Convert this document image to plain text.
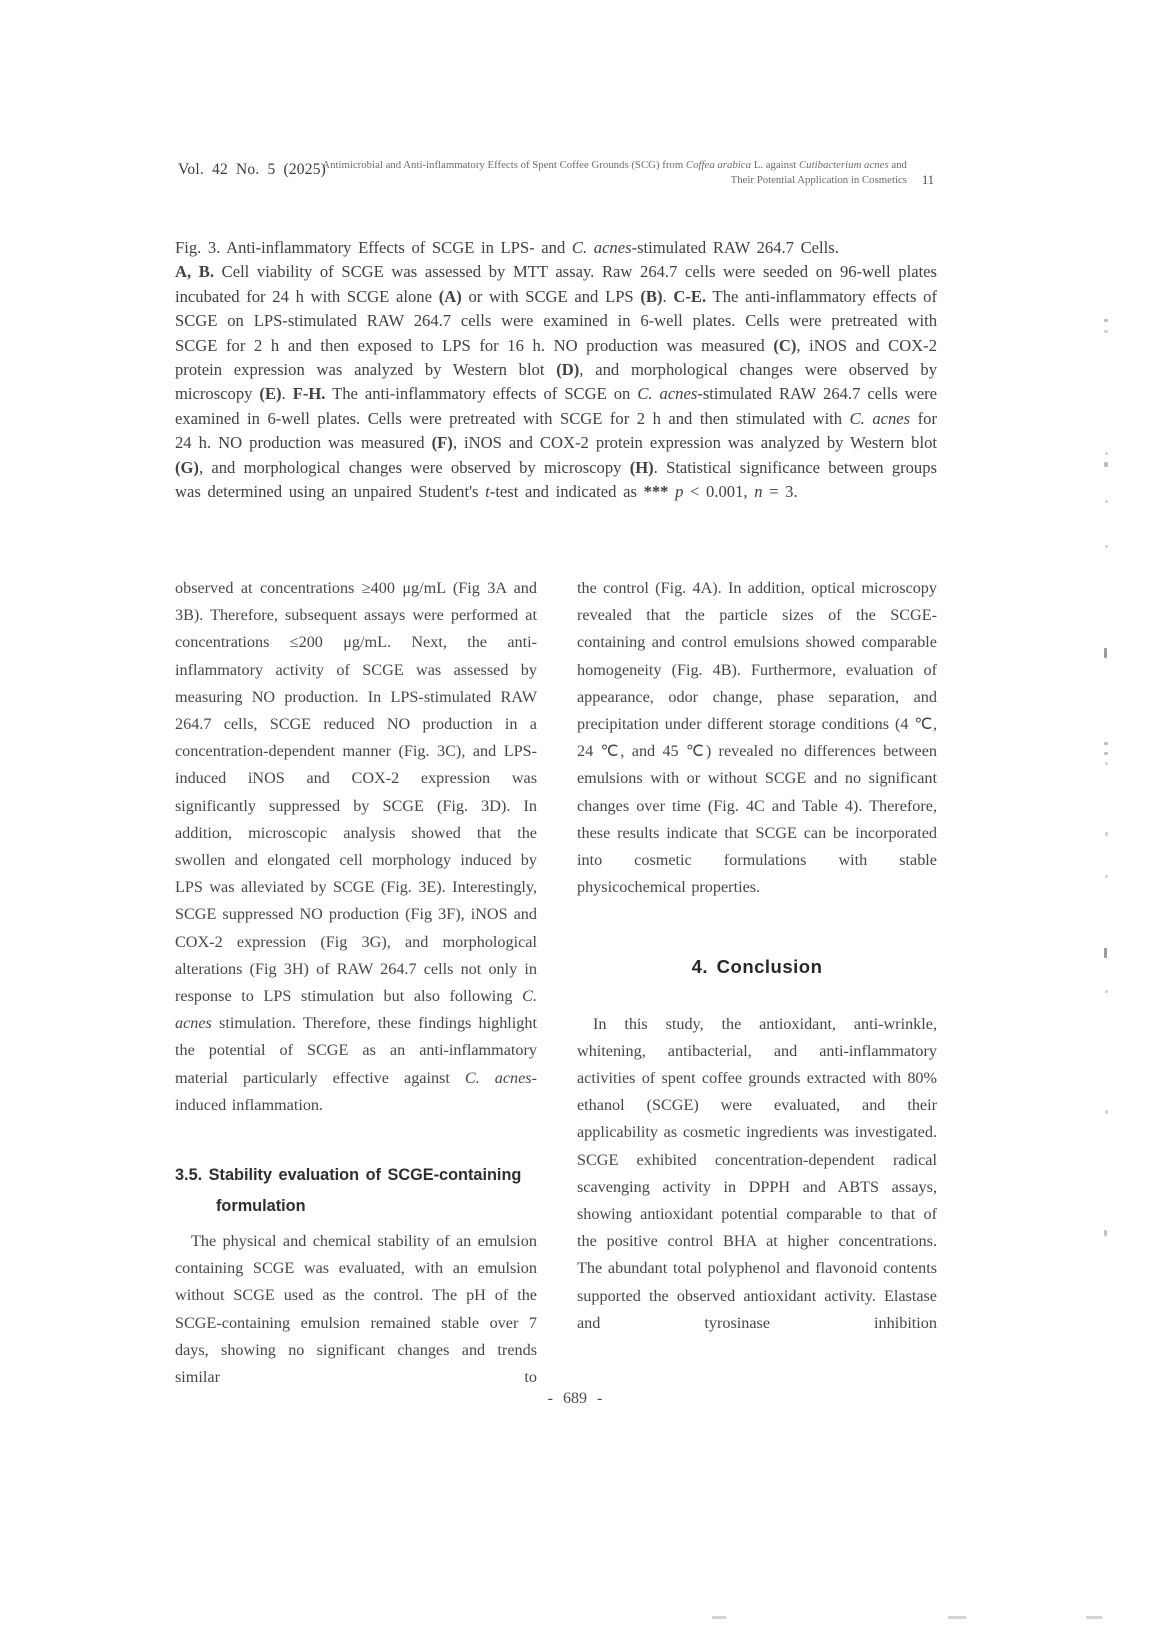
Vol. 42 No. 5 (2025)
Antimicrobial and Anti-inflammatory Effects of Spent Coffee Grounds (SCG) from Coffea arabica L. against Cutibacterium acnes and
Their Potential Application in Cosmetics 11

Fig. 3. Anti-inflammatory Effects of SCGE in LPS- and C. acnes-stimulated RAW 264.7 Cells.

A, B. Cell viability of SCGE was assessed by MTT assay. Raw 264.7 cells were seeded on 96-well plates incubated for 24 h with SCGE alone (A) or with SCGE and LPS (B). C-E. The anti-inflammatory effects of SCGE on LPS-stimulated RAW 264.7 cells were examined in 6-well plates. Cells were pretreated with SCGE for 2 h and then exposed to LPS for 16 h. NO production was measured (C), iNOS and COX-2 protein expression was analyzed by Western blot (D), and morphological changes were observed by microscopy (E). F-H. The anti-inflammatory effects of SCGE on C. acnes-stimulated RAW 264.7 cells were examined in 6-well plates. Cells were pretreated with SCGE for 2 h and then stimulated with C. acnes for 24 h. NO production was measured (F), iNOS and COX-2 protein expression was analyzed by Western blot (G), and morphological changes were observed by microscopy (H). Statistical significance between groups was determined using an unpaired Student's t-test and indicated as *** p < 0.001, n = 3.

observed at concentrations ≥400 μg/mL (Fig 3A and 3B). Therefore, subsequent assays were performed at concentrations ≤200 μg/mL. Next, the anti-inflammatory activity of SCGE was assessed by measuring NO production. In LPS-stimulated RAW 264.7 cells, SCGE reduced NO production in a concentration-dependent manner (Fig. 3C), and LPS-induced iNOS and COX-2 expression was significantly suppressed by SCGE (Fig. 3D). In addition, microscopic analysis showed that the swollen and elongated cell morphology induced by LPS was alleviated by SCGE (Fig. 3E). Interestingly, SCGE suppressed NO production (Fig 3F), iNOS and COX-2 expression (Fig 3G), and morphological alterations (Fig 3H) of RAW 264.7 cells not only in response to LPS stimulation but also following C. acnes stimulation. Therefore, these findings highlight the potential of SCGE as an anti-inflammatory material particularly effective against C. acnes-induced inflammation.

3.5. Stability evaluation of SCGE-containing formulation

The physical and chemical stability of an emulsion containing SCGE was evaluated, with an emulsion without SCGE used as the control. The pH of the SCGE-containing emulsion remained stable over 7 days, showing no significant changes and trends similar to

the control (Fig. 4A). In addition, optical microscopy revealed that the particle sizes of the SCGE-containing and control emulsions showed comparable homogeneity (Fig. 4B). Furthermore, evaluation of appearance, odor change, phase separation, and precipitation under different storage conditions (4 ℃, 24 ℃, and 45 ℃) revealed no differences between emulsions with or without SCGE and no significant changes over time (Fig. 4C and Table 4). Therefore, these results indicate that SCGE can be incorporated into cosmetic formulations with stable physicochemical properties.

4. Conclusion

In this study, the antioxidant, anti-wrinkle, whitening, antibacterial, and anti-inflammatory activities of spent coffee grounds extracted with 80% ethanol (SCGE) were evaluated, and their applicability as cosmetic ingredients was investigated. SCGE exhibited concentration-dependent radical scavenging activity in DPPH and ABTS assays, showing antioxidant potential comparable to that of the positive control BHA at higher concentrations. The abundant total polyphenol and flavonoid contents supported the observed antioxidant activity. Elastase and tyrosinase inhibition

- 689 -
